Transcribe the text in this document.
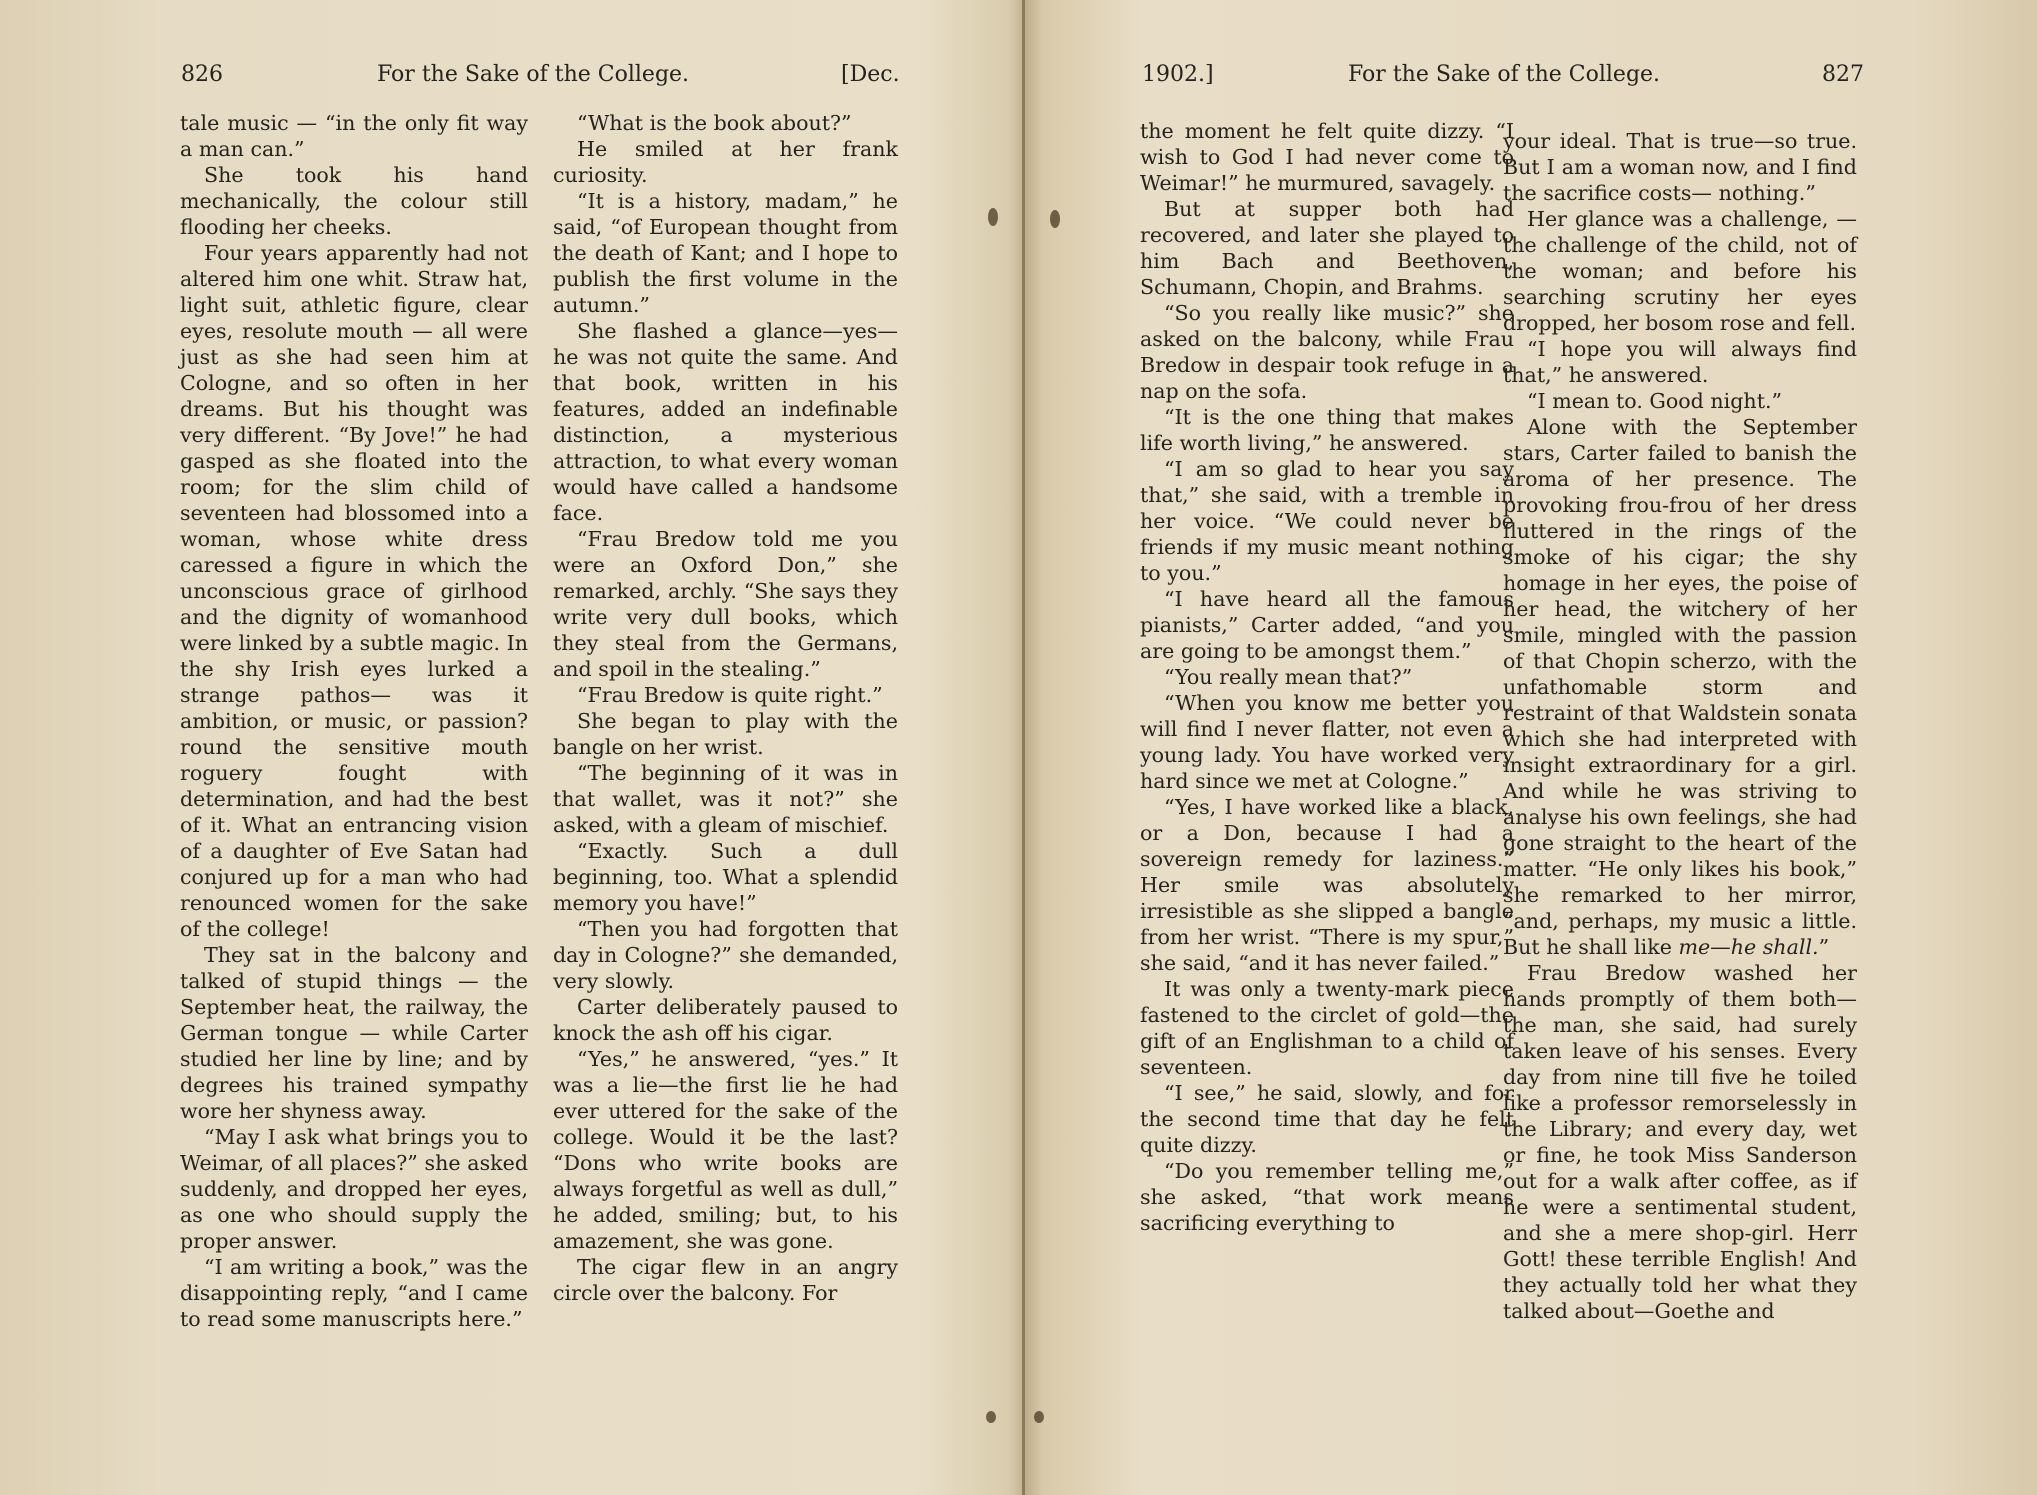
826	For the Sake of the College.	[Dec.

tale music — “in the only fit way a man can.”

She took his hand mechanically, the colour still flooding her cheeks.

Four years apparently had not altered him one whit. Straw hat, light suit, athletic figure, clear eyes, resolute mouth — all were just as she had seen him at Cologne, and so often in her dreams. But his thought was very different. “By Jove!” he had gasped as she floated into the room; for the slim child of seventeen had blossomed into a woman, whose white dress caressed a figure in which the unconscious grace of girlhood and the dignity of womanhood were linked by a subtle magic. In the shy Irish eyes lurked a strange pathos— was it ambition, or music, or passion? round the sensitive mouth roguery fought with determination, and had the best of it. What an entrancing vision of a daughter of Eve Satan had conjured up for a man who had renounced women for the sake of the college!

They sat in the balcony and talked of stupid things — the September heat, the railway, the German tongue — while Carter studied her line by line; and by degrees his trained sympathy wore her shyness away.

“May I ask what brings you to Weimar, of all places?” she asked suddenly, and dropped her eyes, as one who should supply the proper answer.

“I am writing a book,” was the disappointing reply, “and I came to read some manuscripts here.”

“What is the book about?”

He smiled at her frank curiosity.

“It is a history, madam,” he said, “of European thought from the death of Kant; and I hope to publish the first volume in the autumn.”

She flashed a glance—yes— he was not quite the same. And that book, written in his features, added an indefinable distinction, a mysterious attraction, to what every woman would have called a handsome face.

“Frau Bredow told me you were an Oxford Don,” she remarked, archly. “She says they write very dull books, which they steal from the Germans, and spoil in the stealing.”

“Frau Bredow is quite right.”

She began to play with the bangle on her wrist.

“The beginning of it was in that wallet, was it not?” she asked, with a gleam of mischief.

“Exactly. Such a dull beginning, too. What a splendid memory you have!”

“Then you had forgotten that day in Cologne?” she demanded, very slowly.

Carter deliberately paused to knock the ash off his cigar.

“Yes,” he answered, “yes.” It was a lie—the first lie he had ever uttered for the sake of the college. Would it be the last? “Dons who write books are always forgetful as well as dull,” he added, smiling; but, to his amazement, she was gone.

The cigar flew in an angry circle over the balcony. For

1902.]	For the Sake of the College.	827

the moment he felt quite dizzy. “I wish to God I had never come to Weimar!” he murmured, savagely.

But at supper both had recovered, and later she played to him Bach and Beethoven, Schumann, Chopin, and Brahms.

“So you really like music?” she asked on the balcony, while Frau Bredow in despair took refuge in a nap on the sofa.

“It is the one thing that makes life worth living,” he answered.

“I am so glad to hear you say that,” she said, with a tremble in her voice. “We could never be friends if my music meant nothing to you.”

“I have heard all the famous pianists,” Carter added, “and you are going to be amongst them.”

“You really mean that?”

“When you know me better you will find I never flatter, not even a young lady. You have worked very hard since we met at Cologne.”

“Yes, I have worked like a black, or a Don, because I had a sovereign remedy for laziness.” Her smile was absolutely irresistible as she slipped a bangle from her wrist. “There is my spur,” she said, “and it has never failed.”

It was only a twenty-mark piece fastened to the circlet of gold—the gift of an Englishman to a child of seventeen.

“I see,” he said, slowly, and for the second time that day he felt quite dizzy.

“Do you remember telling me,” she asked, “that work means sacrificing everything to

your ideal. That is true—so true. But I am a woman now, and I find the sacrifice costs— nothing.”

Her glance was a challenge, —the challenge of the child, not of the woman; and before his searching scrutiny her eyes dropped, her bosom rose and fell.

“I hope you will always find that,” he answered.

“I mean to. Good night.”

Alone with the September stars, Carter failed to banish the aroma of her presence. The provoking frou-frou of her dress fluttered in the rings of the smoke of his cigar; the shy homage in her eyes, the poise of her head, the witchery of her smile, mingled with the passion of that Chopin scherzo, with the unfathomable storm and restraint of that Waldstein sonata which she had interpreted with insight extraordinary for a girl. And while he was striving to analyse his own feelings, she had gone straight to the heart of the matter. “He only likes his book,” she remarked to her mirror, “and, perhaps, my music a little. But he shall like me—he shall.”

Frau Bredow washed her hands promptly of them both— the man, she said, had surely taken leave of his senses. Every day from nine till five he toiled like a professor remorselessly in the Library; and every day, wet or fine, he took Miss Sanderson out for a walk after coffee, as if he were a sentimental student, and she a mere shop-girl. Herr Gott! these terrible English! And they actually told her what they talked about—Goethe and
